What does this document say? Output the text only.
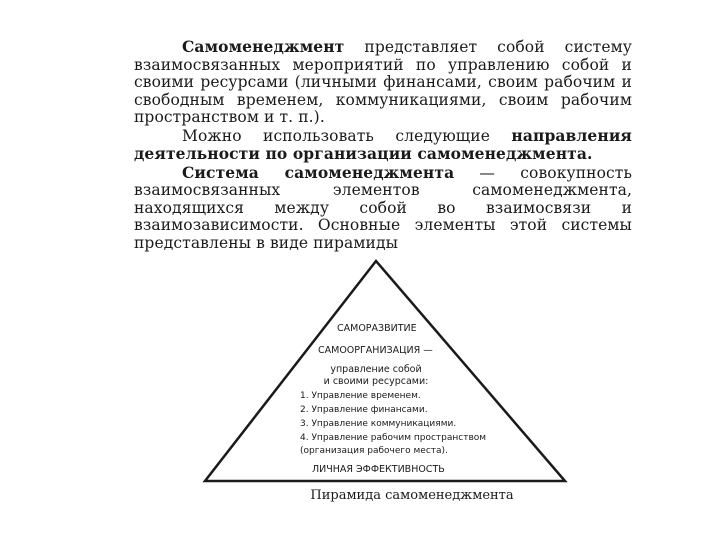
Самоменеджмент представляет собой систему взаимосвязанных мероприятий по управлению собой и своими ресурсами (личными финансами, своим рабочим и свободным временем, коммуникациями, своим рабочим пространством и т. п.).

Можно использовать следующие направления деятельности по организации самоменеджмента.

Система самоменеджмента — совокупность взаимосвязанных элементов самоменеджмента, находящихся между собой во взаимосвязи и взаимозависимости. Основные элементы этой системы представлены в виде пирамиды

САМОРАЗВИТИЕ
САМООРГАНИЗАЦИЯ —
управление собой
и своими ресурсами:
1. Управление временем.
2. Управление финансами.
3. Управление коммуникациями.
4. Управление рабочим пространством
(организация рабочего места).
ЛИЧНАЯ ЭФФЕКТИВНОСТЬ
Пирамида самоменеджмента
